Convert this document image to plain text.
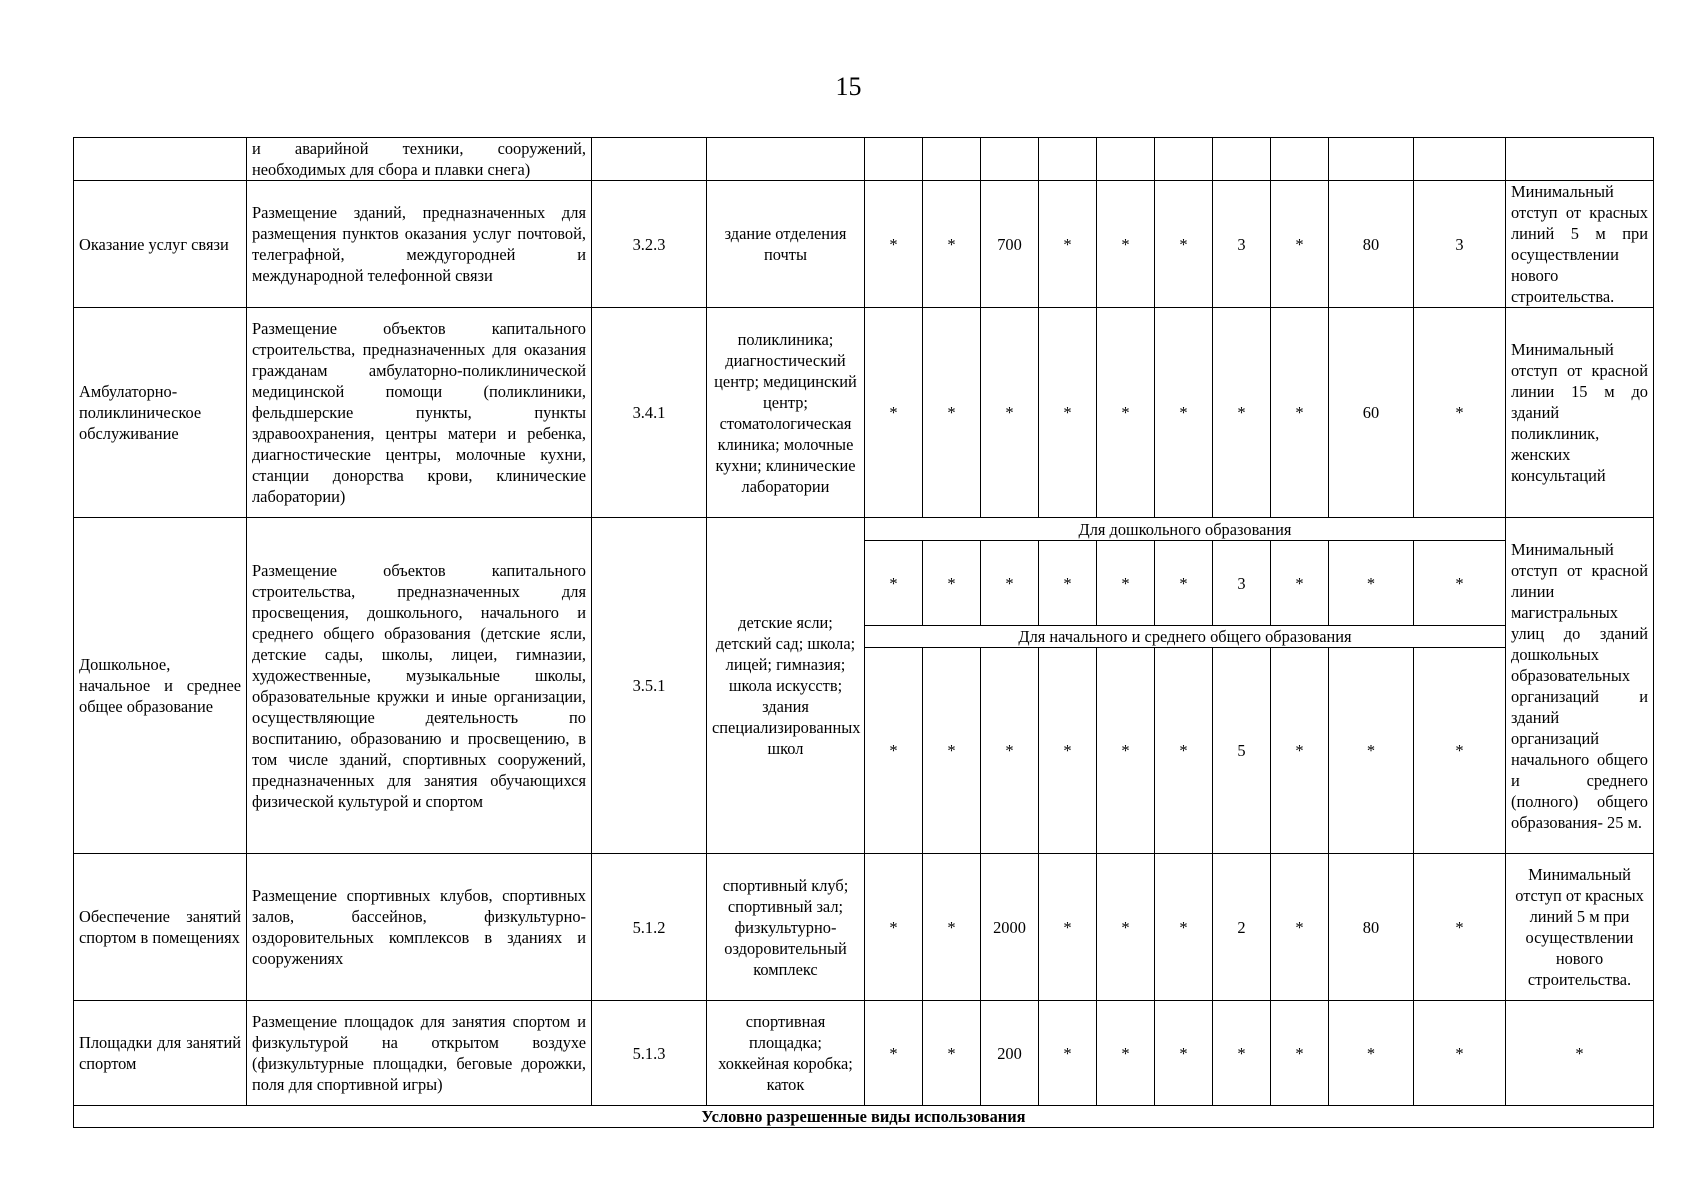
15
	и аварийной техники, сооружений, необходимых для сбора и плавки снега)													
Оказание услуг связи	Размещение зданий, предназначенных для размещения пунктов оказания услуг почтовой, телеграфной, междугородней и международной телефонной связи	3.2.3	здание отделения почты	*	*	700	*	*	*	3	*	80	3	Минимальный отступ от красных линий 5 м при осуществлении нового строительства.
Амбулаторно-поликлиническое обслуживание	Размещение объектов капитального строительства, предназначенных для оказания гражданам амбулаторно-поликлинической медицинской помощи (поликлиники, фельдшерские пункты, пункты здравоохранения, центры матери и ребенка, диагностические центры, молочные кухни, станции донорства крови, клинические лаборатории)	3.4.1	поликлиника; диагностический центр; медицинский центр; стоматологическая клиника; молочные кухни; клинические лаборатории	*	*	*	*	*	*	*	*	60	*	Минимальный отступ от красной линии 15 м до зданий поликлиник, женских консультаций
Дошкольное, начальное и среднее общее образование	Размещение объектов капитального строительства, предназначенных для просвещения, дошкольного, начального и среднего общего образования (детские ясли, детские сады, школы, лицеи, гимназии, художественные, музыкальные школы, образовательные кружки и иные организации, осуществляющие деятельность по воспитанию, образованию и просвещению, в том числе зданий, спортивных сооружений, предназначенных для занятия обучающихся физической культурой и спортом	3.5.1	детские ясли; детский сад; школа; лицей; гимназия; школа искусств; здания специализированных школ	Для дошкольного образования										Минимальный отступ от красной линии магистральных улиц до зданий дошкольных образовательных организаций и зданий организаций начального общего и среднего (полного) общего образования- 25 м.
				*	*	*	*	*	*	3	*	*	*	
				Для начального и среднего общего образования										
				*	*	*	*	*	*	5	*	*	*	
Обеспечение занятий спортом в помещениях	Размещение спортивных клубов, спортивных залов, бассейнов, физкультурно-оздоровительных комплексов в зданиях и сооружениях	5.1.2	спортивный клуб; спортивный зал; физкультурно-оздоровительный комплекс	*	*	2000	*	*	*	2	*	80	*	Минимальный отступ от красных линий 5 м при осуществлении нового строительства.
Площадки для занятий спортом	Размещение площадок для занятия спортом и физкультурой на открытом воздухе (физкультурные площадки, беговые дорожки, поля для спортивной игры)	5.1.3	спортивная площадка; хоккейная коробка; каток	*	*	200	*	*	*	*	*	*	*	*
Условно разрешенные виды использования														
